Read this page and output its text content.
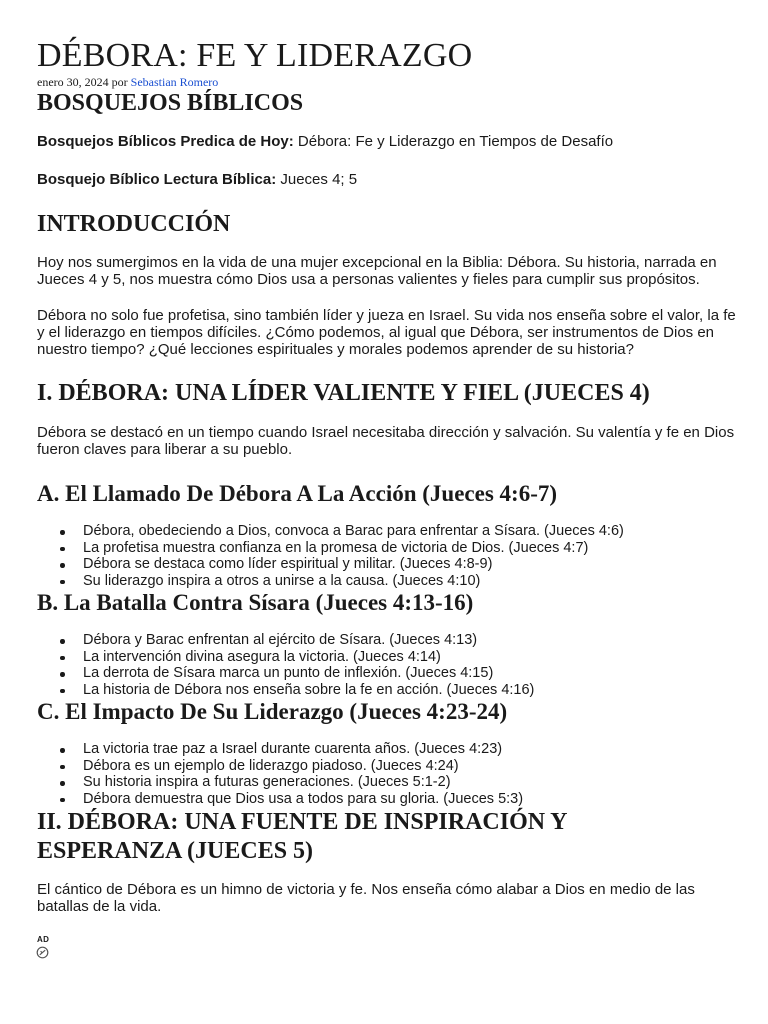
DÉBORA: FE Y LIDERAZGO
enero 30, 2024 por Sebastian Romero
BOSQUEJOS BÍBLICOS

Bosquejos Bíblicos Predica de Hoy: Débora: Fe y Liderazgo en Tiempos de Desafío

Bosquejo Bíblico Lectura Bíblica: Jueces 4; 5

INTRODUCCIÓN

Hoy nos sumergimos en la vida de una mujer excepcional en la Biblia: Débora. Su historia, narrada en Jueces 4 y 5, nos muestra cómo Dios usa a personas valientes y fieles para cumplir sus propósitos.

Débora no solo fue profetisa, sino también líder y jueza en Israel. Su vida nos enseña sobre el valor, la fe y el liderazgo en tiempos difíciles. ¿Cómo podemos, al igual que Débora, ser instrumentos de Dios en nuestro tiempo? ¿Qué lecciones espirituales y morales podemos aprender de su historia?

I. DÉBORA: UNA LÍDER VALIENTE Y FIEL (JUECES 4)

Débora se destacó en un tiempo cuando Israel necesitaba dirección y salvación. Su valentía y fe en Dios fueron claves para liberar a su pueblo.

A. El Llamado De Débora A La Acción (Jueces 4:6-7)
Débora, obedeciendo a Dios, convoca a Barac para enfrentar a Sísara. (Jueces 4:6)
La profetisa muestra confianza en la promesa de victoria de Dios. (Jueces 4:7)
Débora se destaca como líder espiritual y militar. (Jueces 4:8-9)
Su liderazgo inspira a otros a unirse a la causa. (Jueces 4:10)
B. La Batalla Contra Sísara (Jueces 4:13-16)
Débora y Barac enfrentan al ejército de Sísara. (Jueces 4:13)
La intervención divina asegura la victoria. (Jueces 4:14)
La derrota de Sísara marca un punto de inflexión. (Jueces 4:15)
La historia de Débora nos enseña sobre la fe en acción. (Jueces 4:16)
C. El Impacto De Su Liderazgo (Jueces 4:23-24)
La victoria trae paz a Israel durante cuarenta años. (Jueces 4:23)
Débora es un ejemplo de liderazgo piadoso. (Jueces 4:24)
Su historia inspira a futuras generaciones. (Jueces 5:1-2)
Débora demuestra que Dios usa a todos para su gloria. (Jueces 5:3)
II. DÉBORA: UNA FUENTE DE INSPIRACIÓN Y
ESPERANZA (JUECES 5)

El cántico de Débora es un himno de victoria y fe. Nos enseña cómo alabar a Dios en medio de las batallas de la vida.

AD
